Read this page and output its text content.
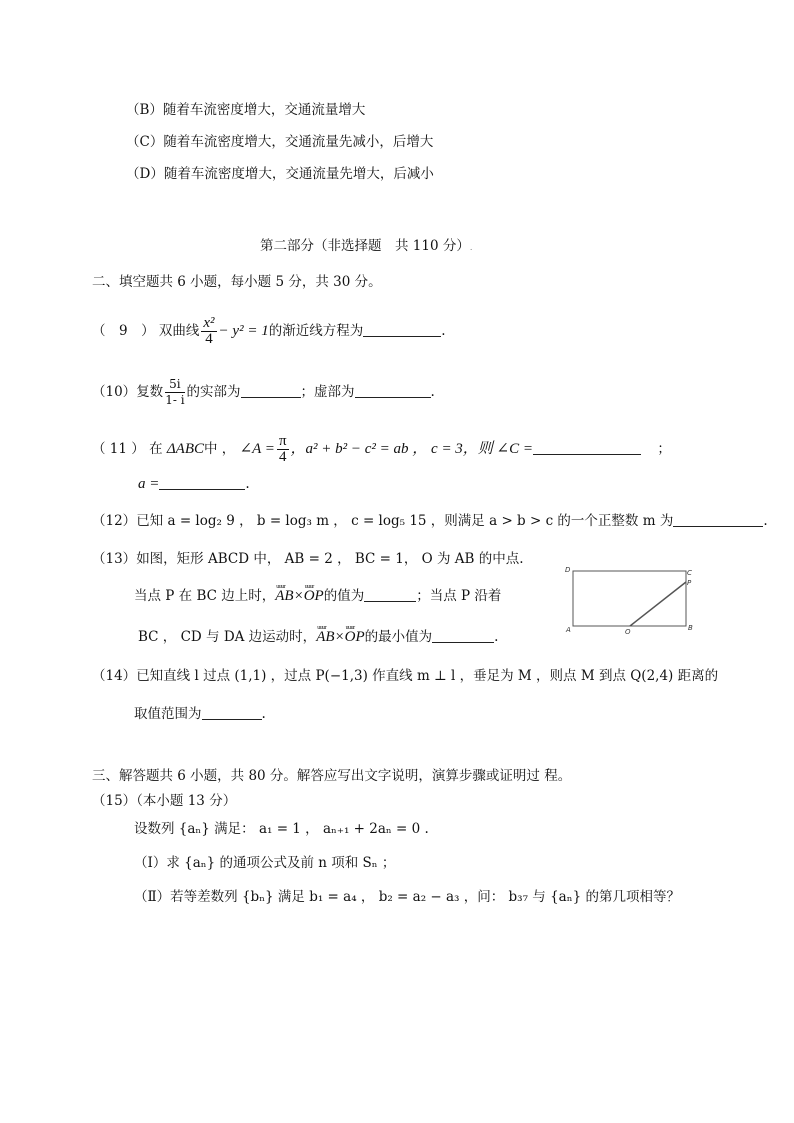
（B）随着车流密度增大，交通流量增大
（C）随着车流密度增大，交通流量先减小，后增大
（D）随着车流密度增大，交通流量先增大，后减小
第二部分（非选择题　共 110 分）.
二、填空题共 6 小题，每小题 5 分，共 30 分。
（　9　） 双曲线 $\frac{\text{x²}}{4} - y^2 = 1$的渐近线方程为	.
（10）复数 $\frac{5i}{1- i}$ 的实部为	；虚部为	.
（ 11 ） 在 ΔABC中 ， ∠A = $\frac{\pi}{4}$ ，a² + b² − c² = ab ， c = 3，则 ∠C =	；
a =	.
（12）已知 a = log₂ 9 ， b = log₃ m ， c = log₅ 15 ，则满足 a > b > c 的一个正整数 m 为	.
（13）如图，矩形 ABCD 中， AB = 2 ， BC = 1， O 为 AB 的中点.
当点 P 在 BC 边上时，uuur AB×uuur OP的值为	；当点 P 沿着
BC ， CD 与 DA 边运动时，uuur AB×uuur OP的最小值为	.
D	C
P
A	O	B
（14）已知直线 l 过点 (1,1) ，过点 P(−1,3) 作直线 m ⊥ l ，垂足为 M ，则点 M 到点 Q(2,4) 距离的
取值范围为	.
三、解答题共 6 小题，共 80 分。解答应写出文字说明，演算步骤或证明过 程。
（15）（本小题 13 分）
设数列 {aₙ} 满足： a₁ = 1 ， aₙ₊₁ + 2aₙ = 0 .
（Ⅰ）求 {aₙ} 的通项公式及前 n 项和 Sₙ ；
（Ⅱ）若等差数列 {bₙ} 满足 b₁ = a₄ ， b₂ = a₂ − a₃ ，问： b₃₇ 与 {aₙ} 的第几项相等？
